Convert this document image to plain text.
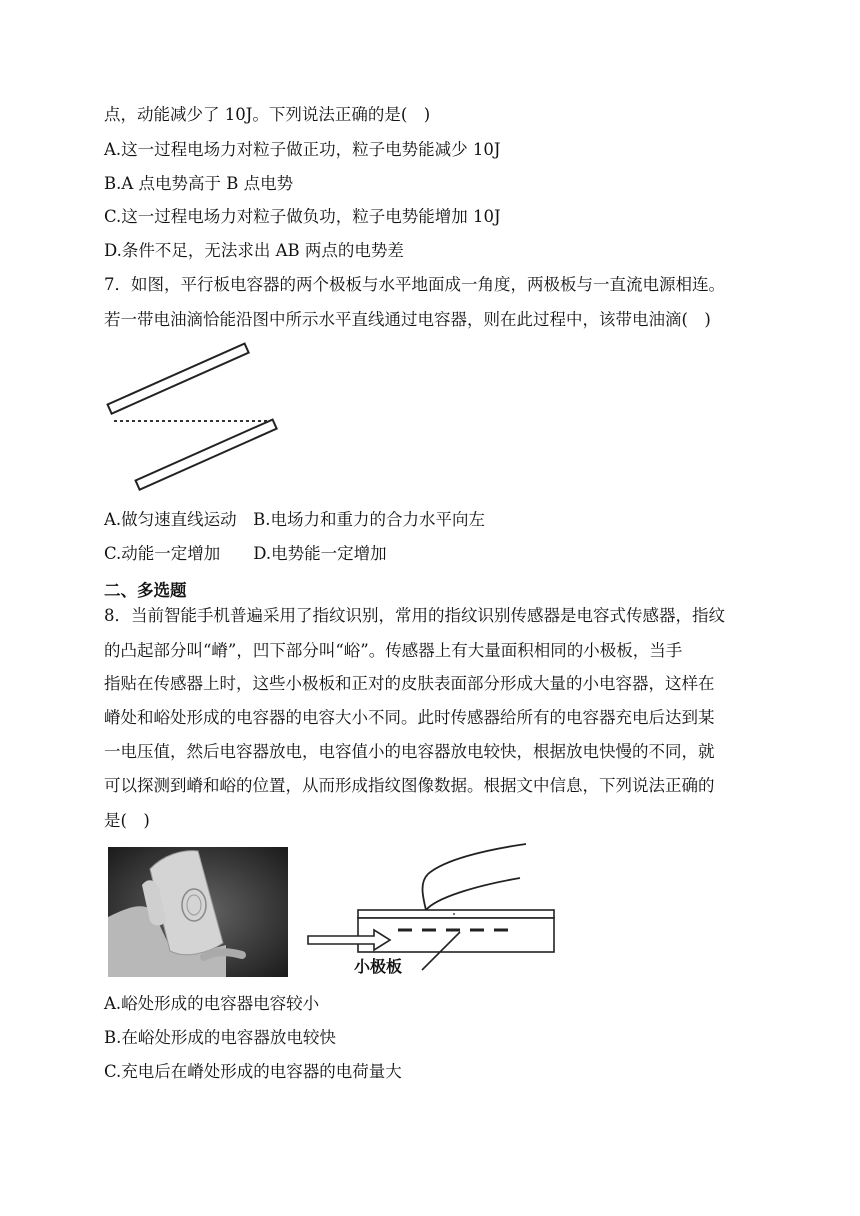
点，动能减少了 10J。下列说法正确的是(　)
A.这一过程电场力对粒子做正功，粒子电势能减少 10J
B.A 点电势高于 B 点电势
C.这一过程电场力对粒子做负功，粒子电势能增加 10J
D.条件不足，无法求出 AB 两点的电势差
7．如图，平行板电容器的两个极板与水平地面成一角度，两极板与一直流电源相连。
若一带电油滴恰能沿图中所示水平直线通过电容器，则在此过程中，该带电油滴(　)
A.做匀速直线运动　B.电场力和重力的合力水平向左
C.动能一定增加　　D.电势能一定增加
二、多选题
8．当前智能手机普遍采用了指纹识别，常用的指纹识别传感器是电容式传感器，指纹
的凸起部分叫“嵴”，凹下部分叫“峪”。传感器上有大量面积相同的小极板，当手
指贴在传感器上时，这些小极板和正对的皮肤表面部分形成大量的小电容器，这样在
嵴处和峪处形成的电容器的电容大小不同。此时传感器给所有的电容器充电后达到某
一电压值，然后电容器放电，电容值小的电容器放电较快，根据放电快慢的不同，就
可以探测到嵴和峪的位置，从而形成指纹图像数据。根据文中信息，下列说法正确的
是(　)
小极板
A.峪处形成的电容器电容较小
B.在峪处形成的电容器放电较快
C.充电后在嵴处形成的电容器的电荷量大
